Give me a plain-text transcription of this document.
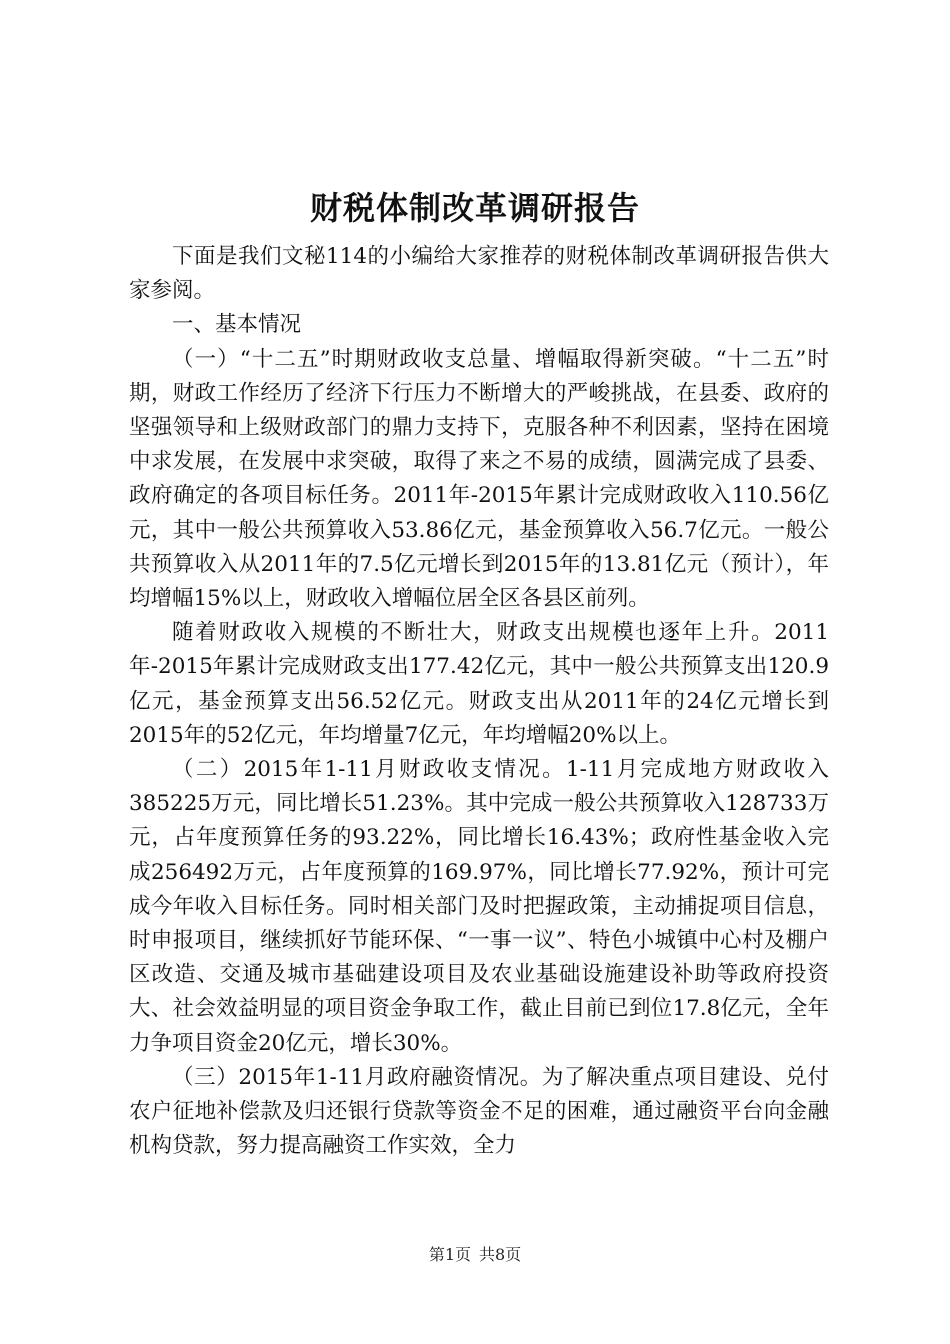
财税体制改革调研报告

下面是我们文秘114的小编给大家推荐的财税体制改革调研报告供大家参阅。

一、基本情况

（一）“十二五”时期财政收支总量、增幅取得新突破。“十二五”时期，财政工作经历了经济下行压力不断增大的严峻挑战，在县委、政府的坚强领导和上级财政部门的鼎力支持下，克服各种不利因素，坚持在困境中求发展，在发展中求突破，取得了来之不易的成绩，圆满完成了县委、政府确定的各项目标任务。2011年-2015年累计完成财政收入110.56亿元，其中一般公共预算收入53.86亿元，基金预算收入56.7亿元。一般公共预算收入从2011年的7.5亿元增长到2015年的13.81亿元（预计），年均增幅15%以上，财政收入增幅位居全区各县区前列。

随着财政收入规模的不断壮大，财政支出规模也逐年上升。2011年-2015年累计完成财政支出177.42亿元，其中一般公共预算支出120.9亿元，基金预算支出56.52亿元。财政支出从2011年的24亿元增长到2015年的52亿元，年均增量7亿元，年均增幅20%以上。

（二）2015年1-11月财政收支情况。1-11月完成地方财政收入385225万元，同比增长51.23%。其中完成一般公共预算收入128733万元，占年度预算任务的93.22%，同比增长16.43%；政府性基金收入完成256492万元，占年度预算的169.97%，同比增长77.92%，预计可完成今年收入目标任务。同时相关部门及时把握政策，主动捕捉项目信息，时申报项目，继续抓好节能环保、“一事一议”、特色小城镇中心村及棚户区改造、交通及城市基础建设项目及农业基础设施建设补助等政府投资大、社会效益明显的项目资金争取工作，截止目前已到位17.8亿元，全年力争项目资金20亿元，增长30%。

（三）2015年1-11月政府融资情况。为了解决重点项目建设、兑付农户征地补偿款及归还银行贷款等资金不足的困难，通过融资平台向金融机构贷款，努力提高融资工作实效，全力

第1页 共8页
